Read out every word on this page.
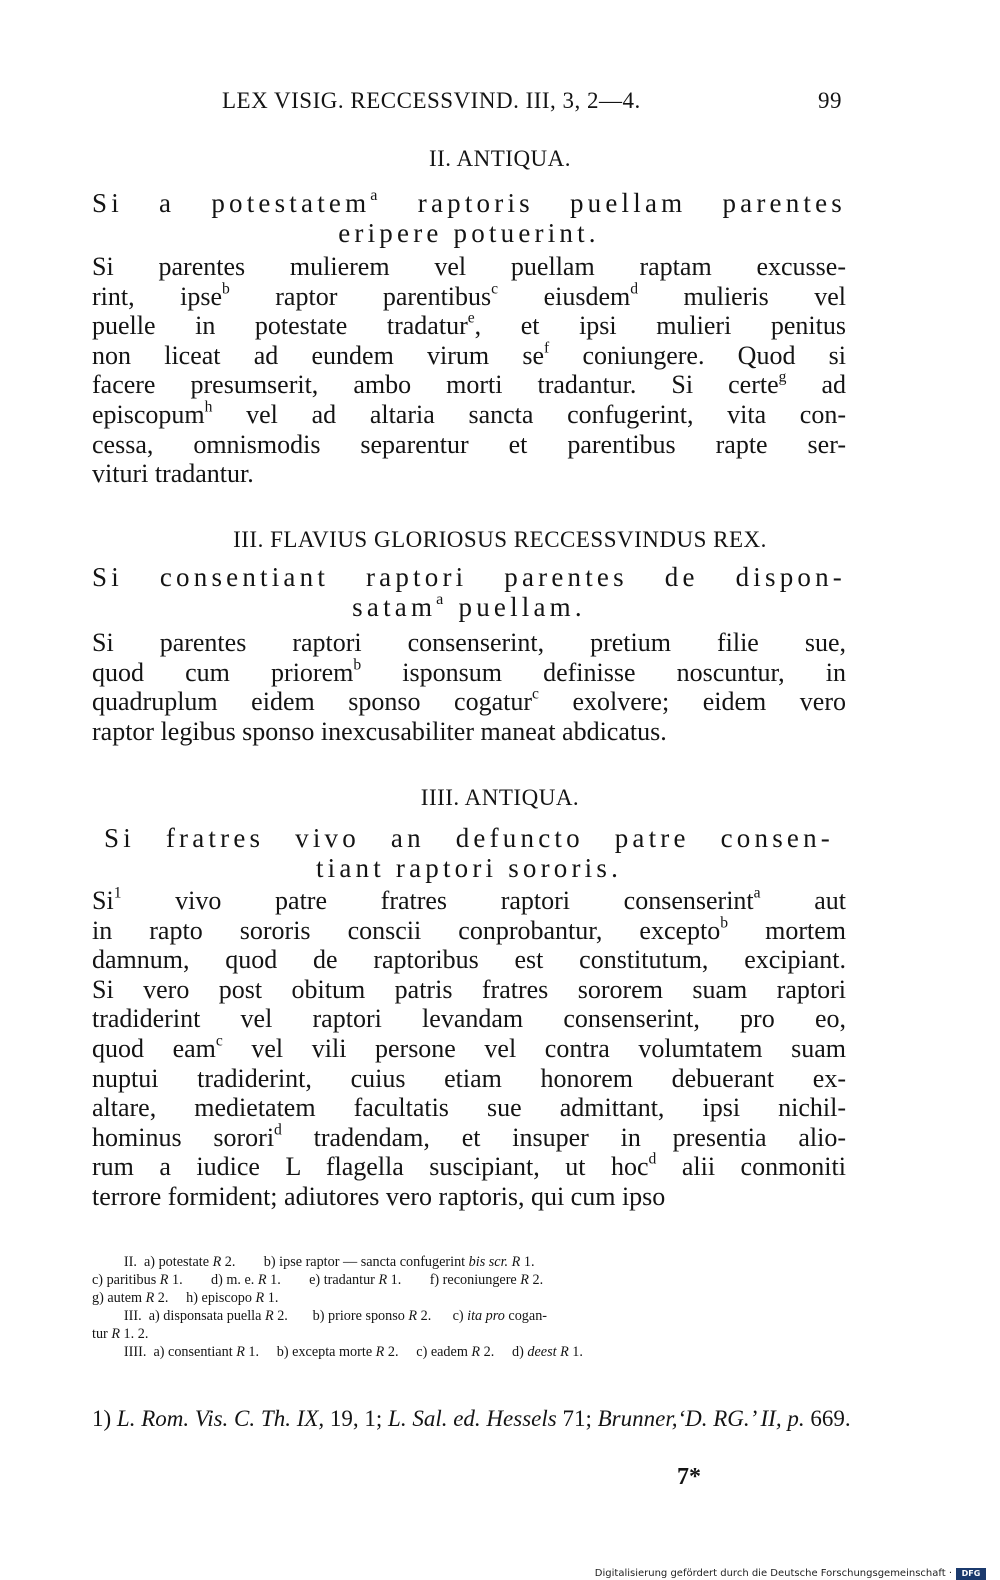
LEX VISIG. RECCESSVIND. III, 3, 2—4.	99
II. ANTIQUA.
Si a potestatem$^a$ raptoris puellam parentes
eripere potuerint.
Si parentes mulierem vel puellam raptam excusse-
rint, ipse$^b$ raptor parentibus$^c$ eiusdem$^d$ mulieris vel
puelle in potestate tradatur$^e$, et ipsi mulieri penitus
non liceat ad eundem virum $se^f$ coniungere. Quod si
facere presumserit, ambo morti tradantur. Si certe$^g$ ad
episcopum$^h$ vel ad altaria sancta confugerint, vita con-
cessa, omnismodis separentur et parentibus rapte ser-
vituri tradantur.
III. FLAVIUS GLORIOSUS RECCESSVINDUS REX.
Si consentiant raptori parentes de dispon-
satam$^a$ puellam.
Si parentes raptori consenserint, pretium filie sue,
quod cum priorem$^b$ isponsum definisse noscuntur, in
quadruplum eidem sponso cogatur$^c$ exolvere; eidem vero
raptor legibus sponso inexcusabiliter maneat abdicatus.
IIII. ANTIQUA.
Si fratres vivo an defuncto patre consen-
tiant raptori sororis.
Si$^1$ vivo patre fratres raptori consenserint$^a$ aut
in rapto sororis conscii conprobantur, excepto$^b$ mortem
damnum, quod de raptoribus est constitutum, excipiant.
Si vero post obitum patris fratres sororem suam raptori
tradiderint vel raptori levandam consenserint, pro eo,
quod eam$^c$ vel vili persone vel contra volumtatem suam
nuptui tradiderint, cuius etiam honorem debuerant ex-
altare, medietatem facultatis sue admittant, ipsi nichil-
hominus sorori$^d$ tradendam, et insuper in presentia alio-
rum a iudice L flagella suscipiant, ut hoc$^d$ alii conmoniti
terrore formident; adiutores vero raptoris, qui cum ipso
II.  a) potestate R 2.        b) ipse raptor — sancta confugerint bis scr. R 1.
c) paritibus R 1.        d) m. e. R 1.        e) tradantur R 1.        f) reconiungere R 2.
g) autem R 2.     h) episcopo R 1.
III.  a) disponsata puella R 2.       b) priore sponso R 2.      c) ita pro cogan-
tur R 1. 2.
IIII.  a) consentiant R 1.     b) excepta morte R 2.     c) eadem R 2.     d) deest R 1.
1) L. Rom. Vis. C. Th. IX, 19, 1; L. Sal. ed. Hessels 71; Brunner,‘D. RG.’ II, p. 669.
7*
Digitalisierung gefördert durch die Deutsche Forschungsgemeinschaft ·	DFG
